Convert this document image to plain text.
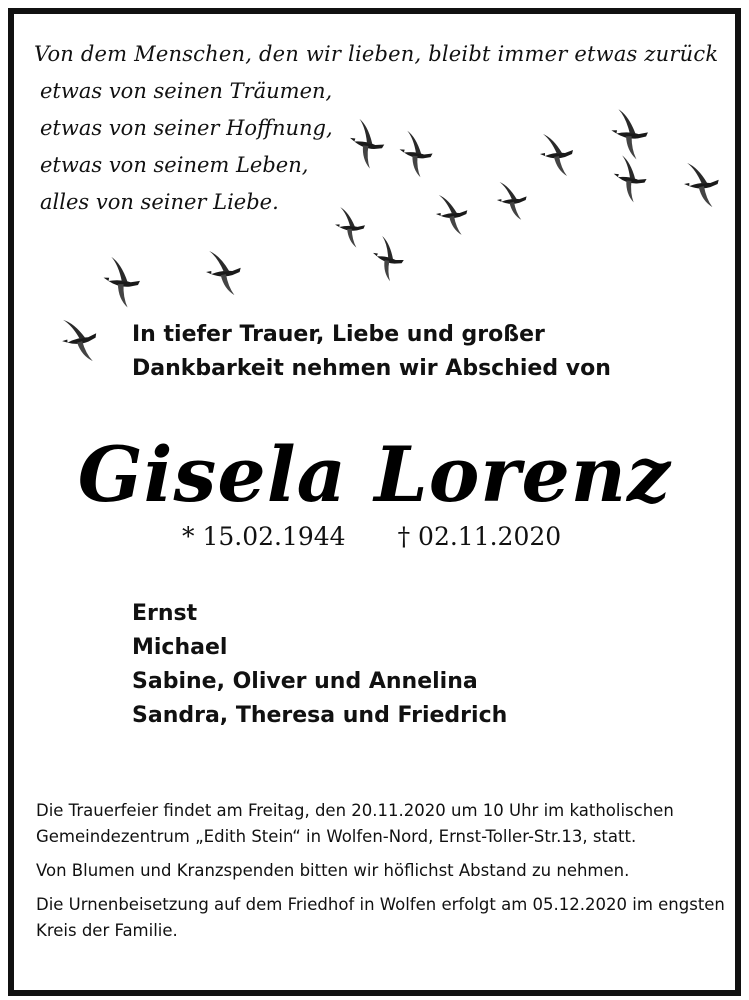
Von dem Menschen, den wir lieben, bleibt immer etwas zurück
etwas von seinen Träumen,
etwas von seiner Hoffnung,
etwas von seinem Leben,
alles von seiner Liebe.
In tiefer Trauer, Liebe und großer
Dankbarkeit nehmen wir Abschied von
Gisela Lorenz
* 15.02.1944 † 02.11.2020
Ernst
Michael
Sabine, Oliver und Annelina
Sandra, Theresa und Friedrich

Die Trauerfeier findet am Freitag, den 20.11.2020 um 10 Uhr im katholischen Gemeindezentrum „Edith Stein“ in Wolfen-Nord, Ernst-Toller-Str.13, statt.

Von Blumen und Kranzspenden bitten wir höflichst Abstand zu nehmen.

Die Urnenbeisetzung auf dem Friedhof in Wolfen erfolgt am 05.12.2020 im engsten Kreis der Familie.
